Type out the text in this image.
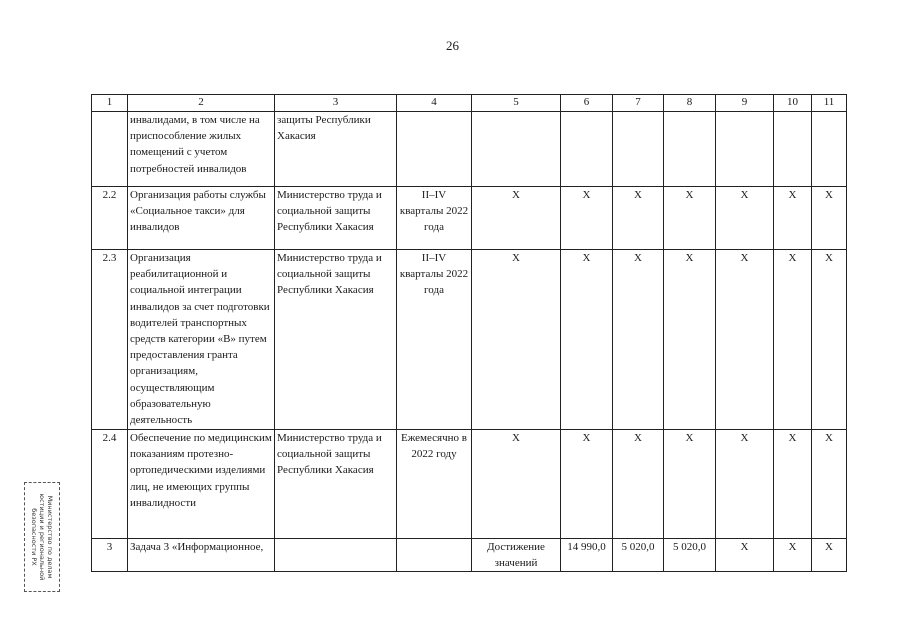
26
1	2	3	4	5	6	7	8	9	10	11
	инвалидами, в том числе на приспособление жилых помещений с учетом потребностей инвалидов	защиты Республики Хакасия								
2.2	Организация работы службы «Социальное такси» для инвалидов	Министерство труда и социальной защиты Республики Хакасия	II–IV кварталы 2022 года	Х	Х	Х	Х	Х	Х	Х
2.3	Организация реабилитационной и социальной интеграции инвалидов за счет подготовки водителей транспортных средств категории «В» путем предоставления гранта организациям, осуществляющим образовательную деятельность	Министерство труда и социальной защиты Республики Хакасия	II–IV кварталы 2022 года	Х	Х	Х	Х	Х	Х	Х
2.4	Обеспечение по медицинским показаниям протезно-ортопедическими изделиями лиц, не имеющих группы инвалидности	Министерство труда и социальной защиты Республики Хакасия	Ежемесячно в 2022 году	Х	Х	Х	Х	Х	Х	Х
3	Задача 3 «Информационное,			Достижение значений	14 990,0	5 020,0	5 020,0	Х	Х	Х
Министерство по делам
юстиции и региональной
безопасности РХ
